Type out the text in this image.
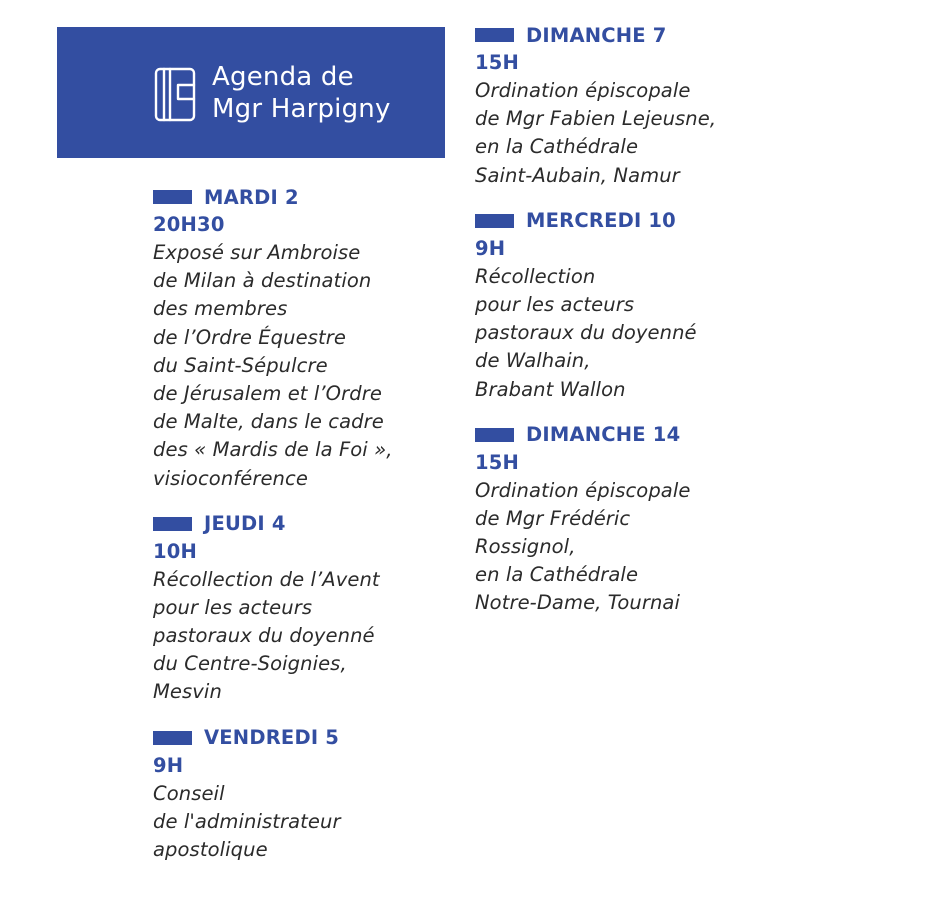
Agenda de
Mgr Harpigny
MARDI 2
20H30
Exposé sur Ambroise
de Milan à destination
des membres
de l’Ordre Équestre
du Saint-Sépulcre
de Jérusalem et l’Ordre
de Malte, dans le cadre
des « Mardis de la Foi »,
visioconférence
JEUDI 4
10H
Récollection de l’Avent
pour les acteurs
pastoraux du doyenné
du Centre-Soignies,
Mesvin
VENDREDI 5
9H
Conseil
de l'administrateur
apostolique
DIMANCHE 7
15H
Ordination épiscopale
de Mgr Fabien Lejeusne,
en la Cathédrale
Saint-Aubain, Namur
MERCREDI 10
9H
Récollection
pour les acteurs
pastoraux du doyenné
de Walhain,
Brabant Wallon
DIMANCHE 14
15H
Ordination épiscopale
de Mgr Frédéric
Rossignol,
en la Cathédrale
Notre-Dame, Tournai
